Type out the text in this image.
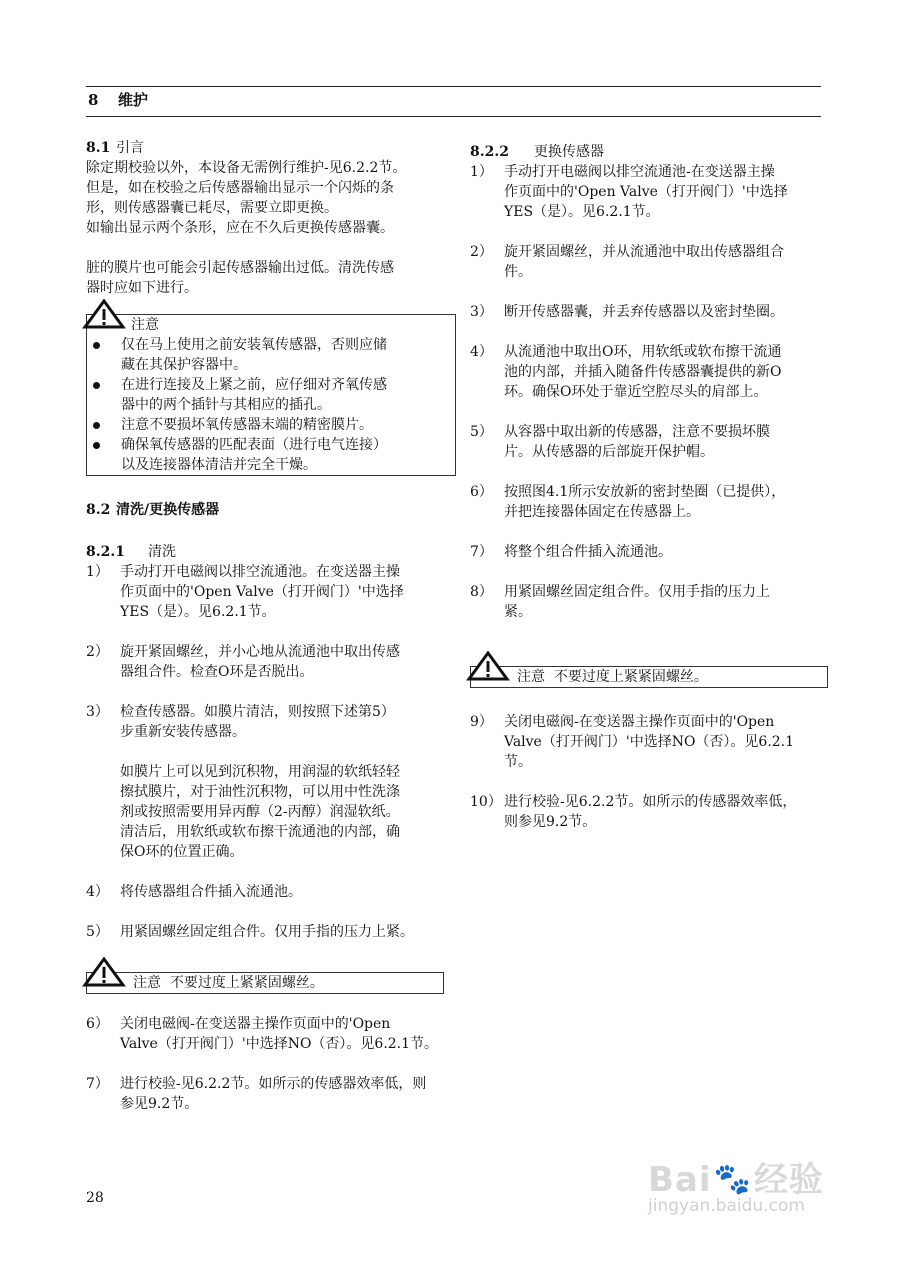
8 维护
8.1 引言

除定期校验以外，本设备无需例行维护-见6.2.2节。

但是，如在校验之后传感器输出显示一个闪烁的条

形，则传感器囊已耗尽，需要立即更换。

如输出显示两个条形，应在不久后更换传感器囊。

脏的膜片也可能会引起传感器输出过低。清洗传感

器时应如下进行。

注意

仅在马上使用之前安装氧传感器，否则应储

藏在其保护容器中。

在进行连接及上紧之前，应仔细对齐氧传感

器中的两个插针与其相应的插孔。

注意不要损坏氧传感器末端的精密膜片。

确保氧传感器的匹配表面（进行电气连接）

以及连接器体清洁并完全干燥。

8.2 清洗/更换传感器
8.2.1 清洗
1） 手动打开电磁阀以排空流通池。在变送器主操

作页面中的'Open Valve（打开阀门）'中选择

YES（是）。见6.2.1节。

2） 旋开紧固螺丝，并小心地从流通池中取出传感

器组合件。检查O环是否脱出。

3） 检查传感器。如膜片清洁，则按照下述第5）

步重新安装传感器。

如膜片上可以见到沉积物，用润湿的软纸轻轻

擦拭膜片，对于油性沉积物，可以用中性洗涤

剂或按照需要用异丙醇（2-丙醇）润湿软纸。

清洁后，用软纸或软布擦干流通池的内部，确

保O环的位置正确。

4） 将传感器组合件插入流通池。

5） 用紧固螺丝固定组合件。仅用手指的压力上紧。

注意 不要过度上紧紧固螺丝。
6） 关闭电磁阀-在变送器主操作页面中的'Open

Valve（打开阀门）'中选择NO（否）。见6.2.1节。

7） 进行校验-见6.2.2节。如所示的传感器效率低，则

参见9.2节。

8.2.2 更换传感器
1） 手动打开电磁阀以排空流通池-在变送器主操

作页面中的'Open Valve（打开阀门）'中选择

YES（是）。见6.2.1节。

2） 旋开紧固螺丝，并从流通池中取出传感器组合

件。

3） 断开传感器囊，并丢弃传感器以及密封垫圈。

4） 从流通池中取出O环，用软纸或软布擦干流通

池的内部，并插入随备件传感器囊提供的新O

环。确保O环处于靠近空腔尽头的肩部上。

5） 从容器中取出新的传感器，注意不要损坏膜

片。从传感器的后部旋开保护帽。

6） 按照图4.1所示安放新的密封垫圈（已提供），

并把连接器体固定在传感器上。

7） 将整个组合件插入流通池。

8） 用紧固螺丝固定组合件。仅用手指的压力上

紧。

注意 不要过度上紧紧固螺丝。
9） 关闭电磁阀-在变送器主操作页面中的'Open

Valve（打开阀门）'中选择NO（否）。见6.2.1

节。

10） 进行校验-见6.2.2节。如所示的传感器效率低，

则参见9.2节。

28	Bai 🐾 经验
jingyan.baidu.com
